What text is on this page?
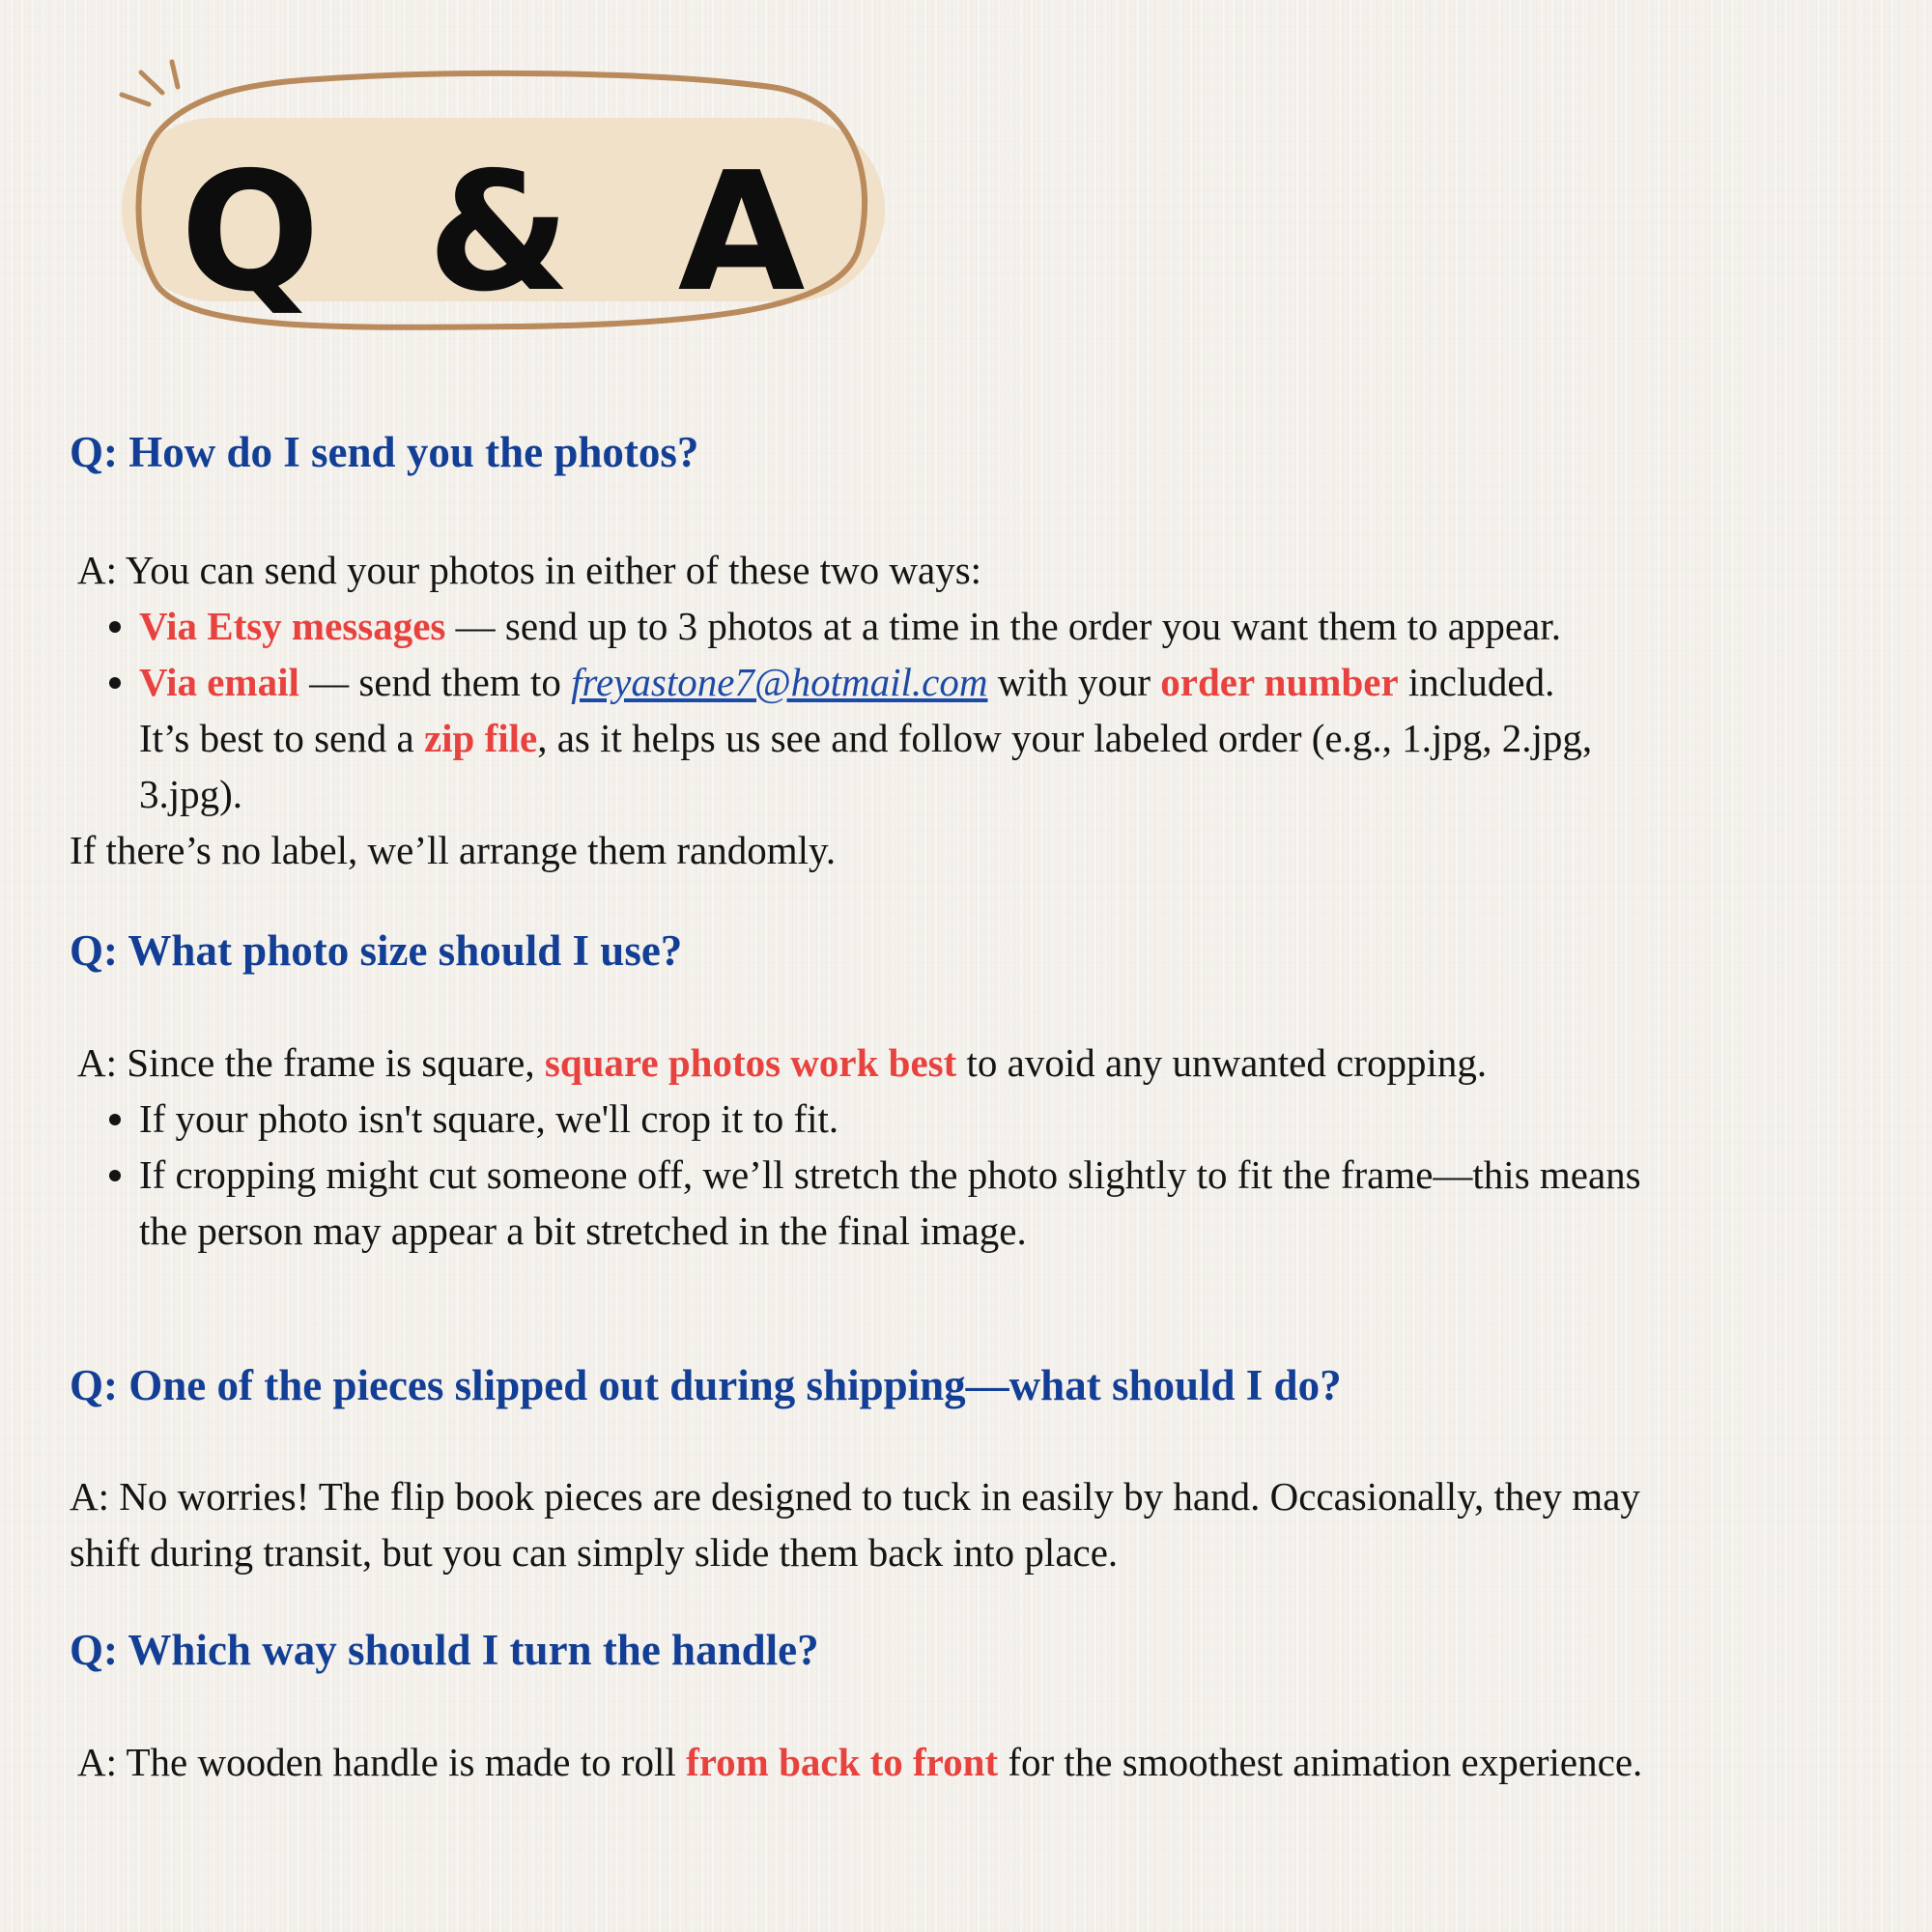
Q & A
Q: How do I send you the photos?

A: You can send your photos in either of these two ways:

Via Etsy messages — send up to 3 photos at a time in the order you want them to appear.

Via email — send them to freyastone7@hotmail.com with your order number included.

It’s best to send a zip file, as it helps us see and follow your labeled order (e.g., 1.jpg, 2.jpg,

3.jpg).

If there’s no label, we’ll arrange them randomly.

Q: What photo size should I use?

A: Since the frame is square, square photos work best to avoid any unwanted cropping.

If your photo isn't square, we'll crop it to fit.

If cropping might cut someone off, we’ll stretch the photo slightly to fit the frame—this means

the person may appear a bit stretched in the final image.

Q: One of the pieces slipped out during shipping—what should I do?

A: No worries! The flip book pieces are designed to tuck in easily by hand. Occasionally, they may

shift during transit, but you can simply slide them back into place.

Q: Which way should I turn the handle?

A: The wooden handle is made to roll from back to front for the smoothest animation experience.
